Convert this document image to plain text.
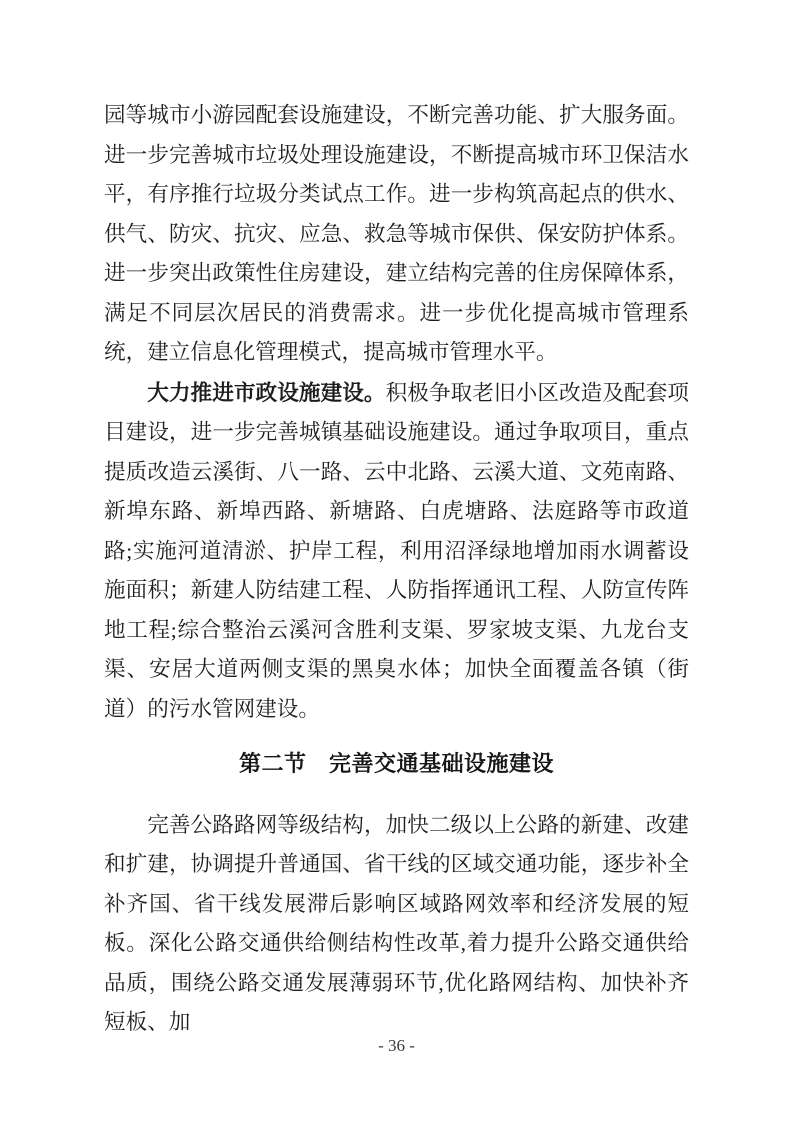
园等城市小游园配套设施建设，不断完善功能、扩大服务面。进一步完善城市垃圾处理设施建设，不断提高城市环卫保洁水平，有序推行垃圾分类试点工作。进一步构筑高起点的供水、供气、防灾、抗灾、应急、救急等城市保供、保安防护体系。进一步突出政策性住房建设，建立结构完善的住房保障体系，满足不同层次居民的消费需求。进一步优化提高城市管理系统，建立信息化管理模式，提高城市管理水平。

大力推进市政设施建设。积极争取老旧小区改造及配套项目建设，进一步完善城镇基础设施建设。通过争取项目，重点提质改造云溪街、八一路、云中北路、云溪大道、文苑南路、新埠东路、新埠西路、新塘路、白虎塘路、法庭路等市政道路;实施河道清淤、护岸工程，利用沼泽绿地增加雨水调蓄设施面积；新建人防结建工程、人防指挥通讯工程、人防宣传阵地工程;综合整治云溪河含胜利支渠、罗家坡支渠、九龙台支渠、安居大道两侧支渠的黑臭水体；加快全面覆盖各镇（街道）的污水管网建设。

第二节　完善交通基础设施建设

完善公路路网等级结构，加快二级以上公路的新建、改建和扩建，协调提升普通国、省干线的区域交通功能，逐步补全补齐国、省干线发展滞后影响区域路网效率和经济发展的短板。深化公路交通供给侧结构性改革,着力提升公路交通供给品质，围绕公路交通发展薄弱环节,优化路网结构、加快补齐短板、加

- 36 -
